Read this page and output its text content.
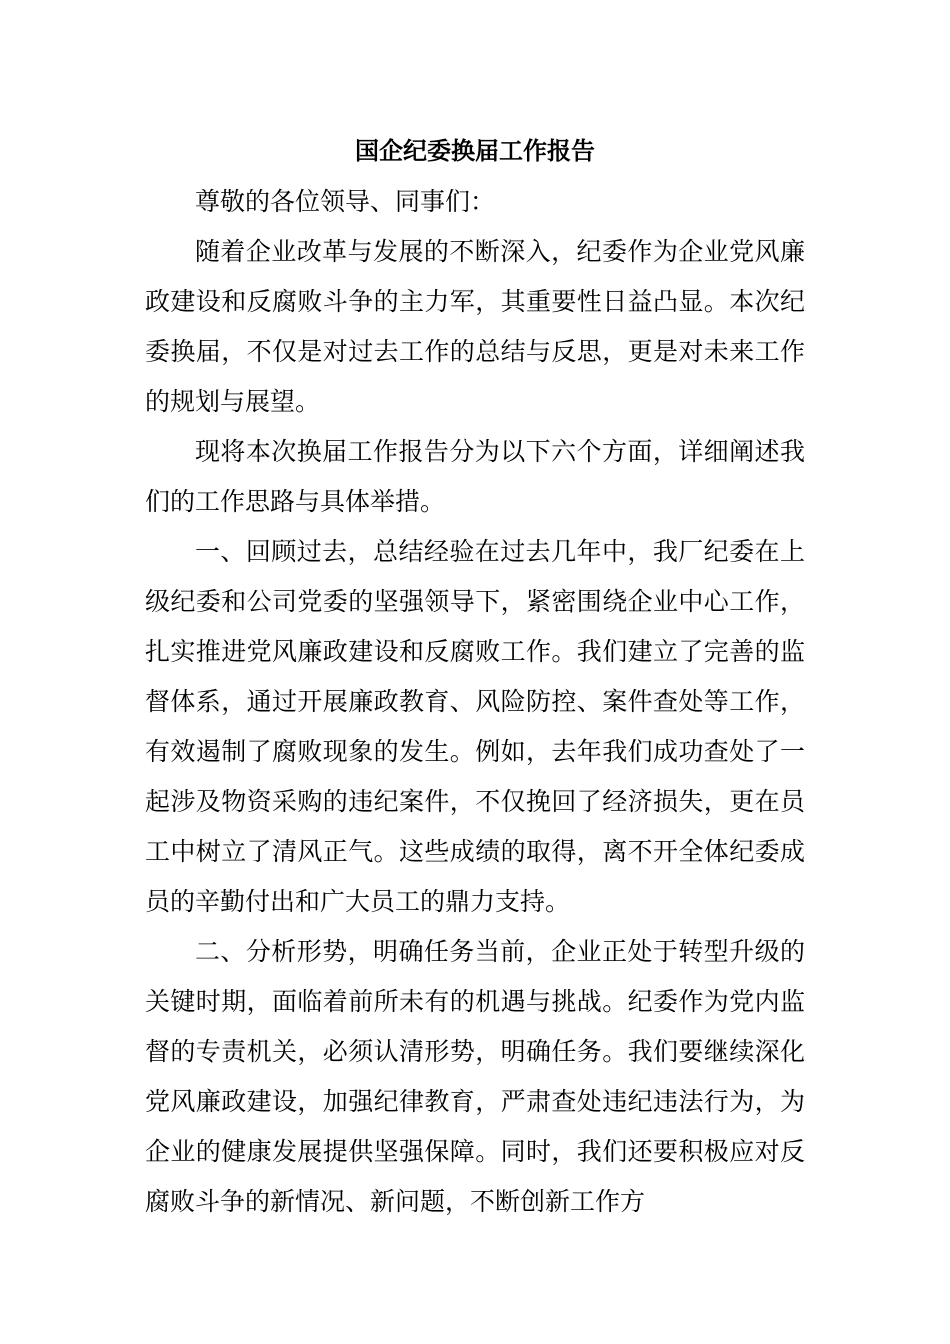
国企纪委换届工作报告

尊敬的各位领导、同事们：

随着企业改革与发展的不断深入，纪委作为企业党风廉政建设和反腐败斗争的主力军，其重要性日益凸显。本次纪委换届，不仅是对过去工作的总结与反思，更是对未来工作的规划与展望。

现将本次换届工作报告分为以下六个方面，详细阐述我们的工作思路与具体举措。

一、回顾过去，总结经验在过去几年中，我厂纪委在上级纪委和公司党委的坚强领导下，紧密围绕企业中心工作，扎实推进党风廉政建设和反腐败工作。我们建立了完善的监督体系，通过开展廉政教育、风险防控、案件查处等工作，有效遏制了腐败现象的发生。例如，去年我们成功查处了一起涉及物资采购的违纪案件，不仅挽回了经济损失，更在员工中树立了清风正气。这些成绩的取得，离不开全体纪委成员的辛勤付出和广大员工的鼎力支持。

二、分析形势，明确任务当前，企业正处于转型升级的关键时期，面临着前所未有的机遇与挑战。纪委作为党内监督的专责机关，必须认清形势，明确任务。我们要继续深化党风廉政建设，加强纪律教育，严肃查处违纪违法行为，为企业的健康发展提供坚强保障。同时，我们还要积极应对反腐败斗争的新情况、新问题，不断创新工作方
